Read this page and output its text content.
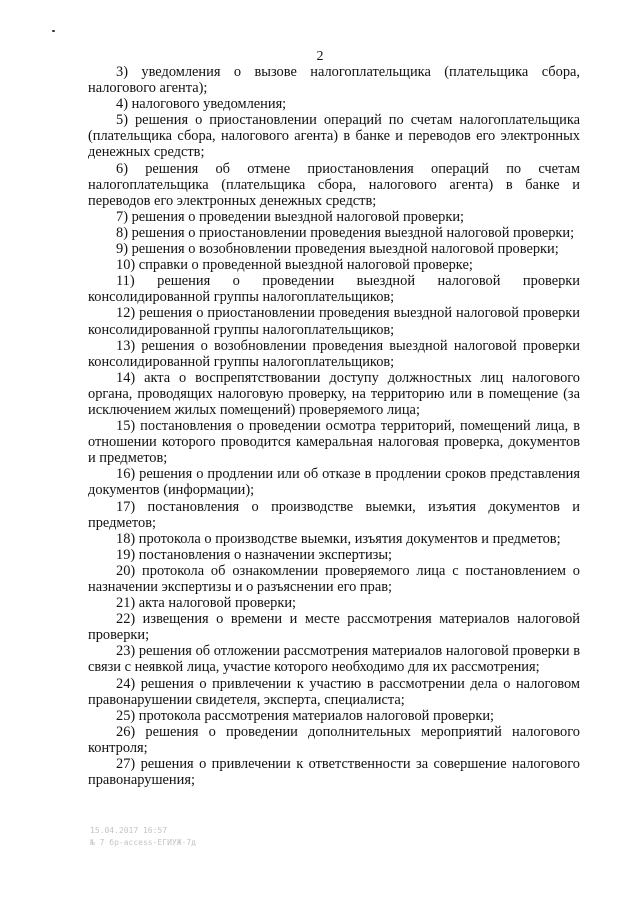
2

3) уведомления о вызове налогоплательщика (плательщика сбора, налогового агента);

4) налогового уведомления;

5) решения о приостановлении операций по счетам налогоплательщика (плательщика сбора, налогового агента) в банке и переводов его электронных денежных средств;

6) решения об отмене приостановления операций по счетам налогоплательщика (плательщика сбора, налогового агента) в банке и переводов его электронных денежных средств;

7) решения о проведении выездной налоговой проверки;

8) решения о приостановлении проведения выездной налоговой проверки;

9) решения о возобновлении проведения выездной налоговой проверки;

10) справки о проведенной выездной налоговой проверке;

11) решения о проведении выездной налоговой проверки консолидированной группы налогоплательщиков;

12) решения о приостановлении проведения выездной налоговой проверки консолидированной группы налогоплательщиков;

13) решения о возобновлении проведения выездной налоговой проверки консолидированной группы налогоплательщиков;

14) акта о воспрепятствовании доступу должностных лиц налогового органа, проводящих налоговую проверку, на территорию или в помещение (за исключением жилых помещений) проверяемого лица;

15) постановления о проведении осмотра территорий, помещений лица, в отношении которого проводится камеральная налоговая проверка, документов и предметов;

16) решения о продлении или об отказе в продлении сроков представления документов (информации);

17) постановления о производстве выемки, изъятия документов и предметов;

18) протокола о производстве выемки, изъятия документов и предметов;

19) постановления о назначении экспертизы;

20) протокола об ознакомлении проверяемого лица с постановлением о назначении экспертизы и о разъяснении его прав;

21) акта налоговой проверки;

22) извещения о времени и месте рассмотрения материалов налоговой проверки;

23) решения об отложении рассмотрения материалов налоговой проверки в связи с неявкой лица, участие которого необходимо для их рассмотрения;

24) решения о привлечении к участию в рассмотрении дела о налоговом правонарушении свидетеля, эксперта, специалиста;

25) протокола рассмотрения материалов налоговой проверки;

26) решения о проведении дополнительных мероприятий налогового контроля;

27) решения о привлечении к ответственности за совершение налогового правонарушения;

15.04.2017 16:57
№ 7 бр-access-ЕГИУЖ-7д
